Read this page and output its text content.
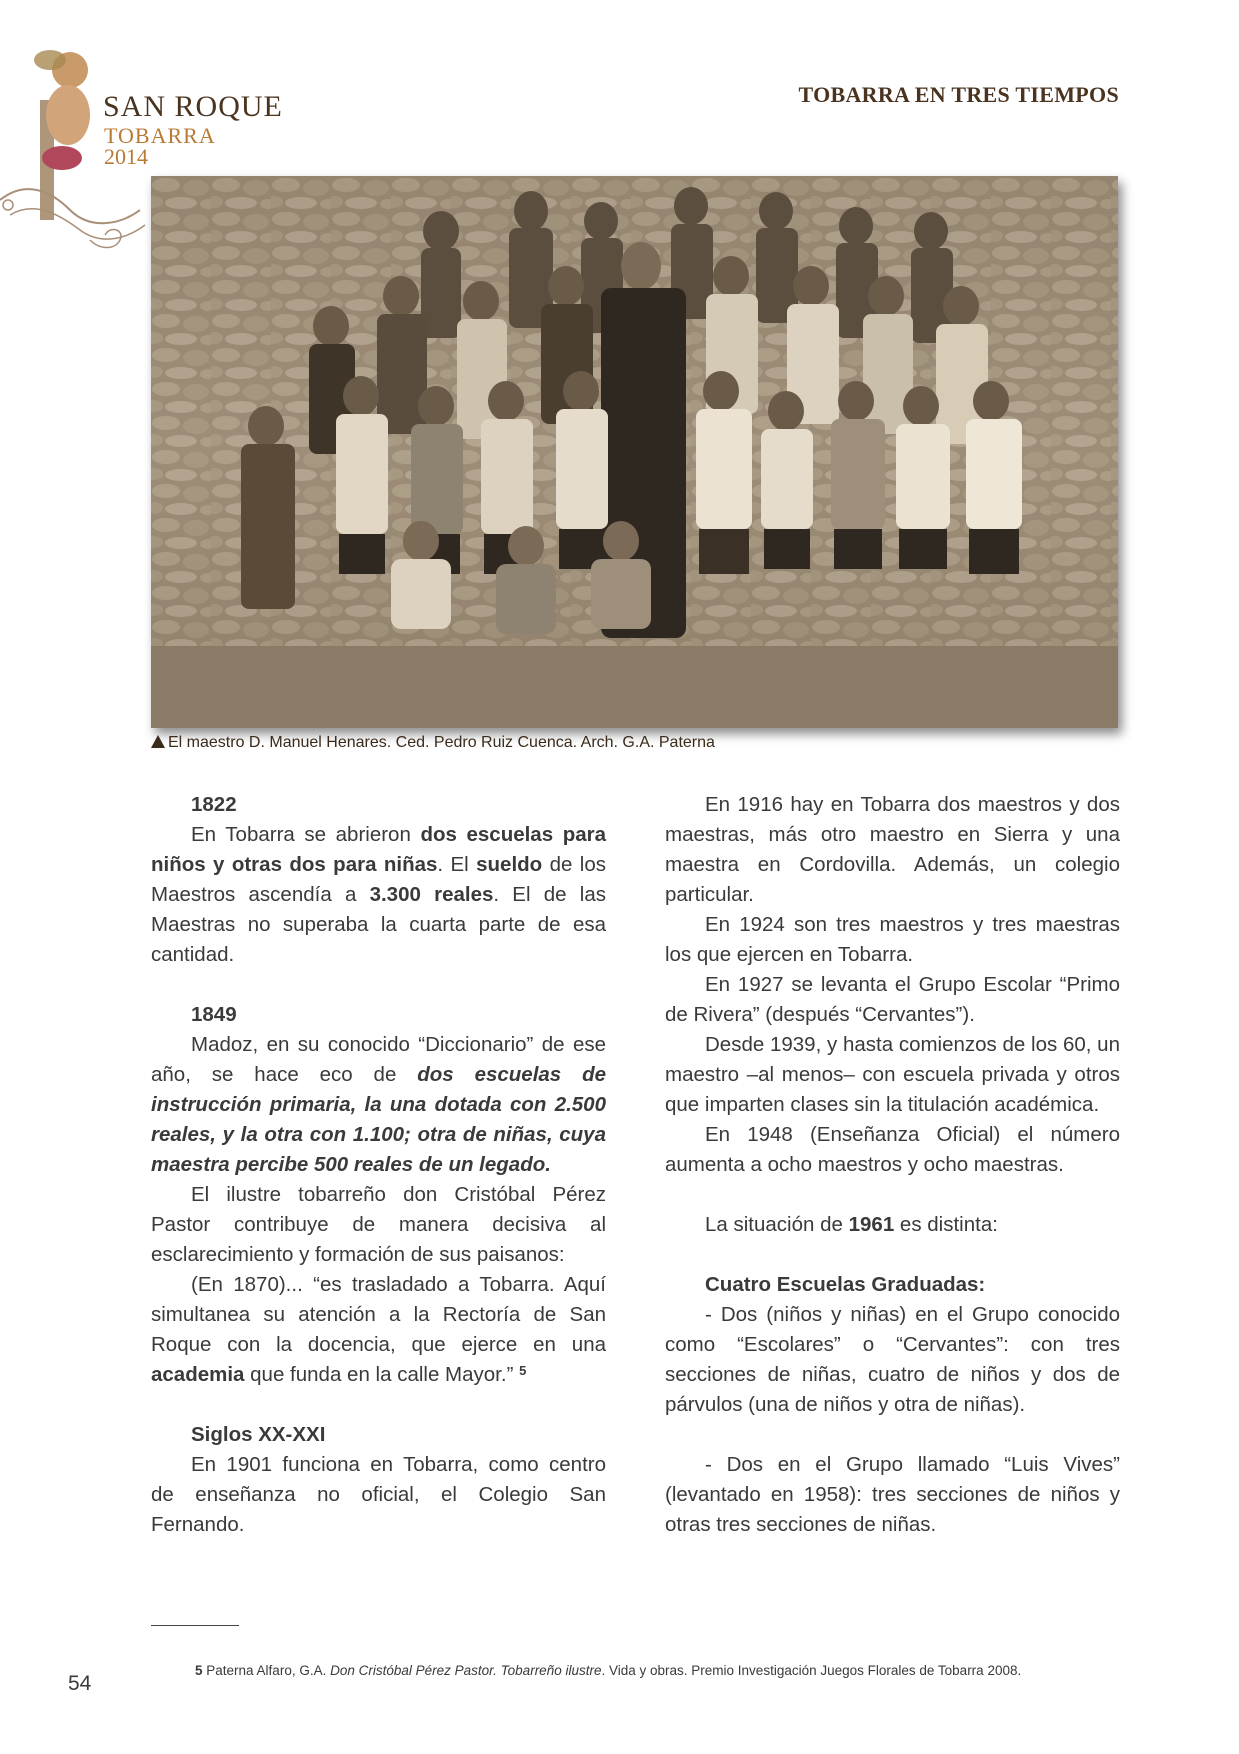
SAN ROQUE
TOBARRA
2014
TOBARRA EN TRES TIEMPOS
El maestro D. Manuel Henares. Ced. Pedro Ruiz Cuenca. Arch. G.A. Paterna

1822

En Tobarra se abrieron dos escuelas para niños y otras dos para niñas. El sueldo de los Maestros ascendía a 3.300 reales. El de las Maestras no superaba la cuarta parte de esa cantidad.

1849

Madoz, en su conocido “Diccionario” de ese año, se hace eco de dos escuelas de instrucción primaria, la una dotada con 2.500 reales, y la otra con 1.100; otra de niñas, cuya maestra percibe 500 reales de un legado.

El ilustre tobarreño don Cristóbal Pérez Pastor contribuye de manera decisiva al esclarecimiento y formación de sus paisanos:

(En 1870)... “es trasladado a Tobarra. Aquí simultanea su atención a la Rectoría de San Roque con la docencia, que ejerce en una academia que funda en la calle Mayor.” $^5$

Siglos XX-XXI

En 1901 funciona en Tobarra, como centro de enseñanza no oficial, el Colegio San Fernando.

En 1916 hay en Tobarra dos maestros y dos maestras, más otro maestro en Sierra y una maestra en Cordovilla. Además, un colegio particular.

En 1924 son tres maestros y tres maestras los que ejercen en Tobarra.

En 1927 se levanta el Grupo Escolar “Primo de Rivera” (después “Cervantes”).

Desde 1939, y hasta comienzos de los 60, un maestro –al menos– con escuela privada y otros que imparten clases sin la titulación académica.

En 1948 (Enseñanza Oficial) el número aumenta a ocho maestros y ocho maestras.

La situación de 1961 es distinta:

Cuatro Escuelas Graduadas:

- Dos (niños y niñas) en el Grupo conocido como “Escolares” o “Cervantes”: con tres secciones de niñas, cuatro de niños y dos de párvulos (una de niños y otra de niñas).

- Dos en el Grupo llamado “Luis Vives” (levantado en 1958): tres secciones de niños y otras tres secciones de niñas.

5 Paterna Alfaro, G.A. Don Cristóbal Pérez Pastor. Tobarreño ilustre. Vida y obras. Premio Investigación Juegos Florales de Tobarra 2008.
54
